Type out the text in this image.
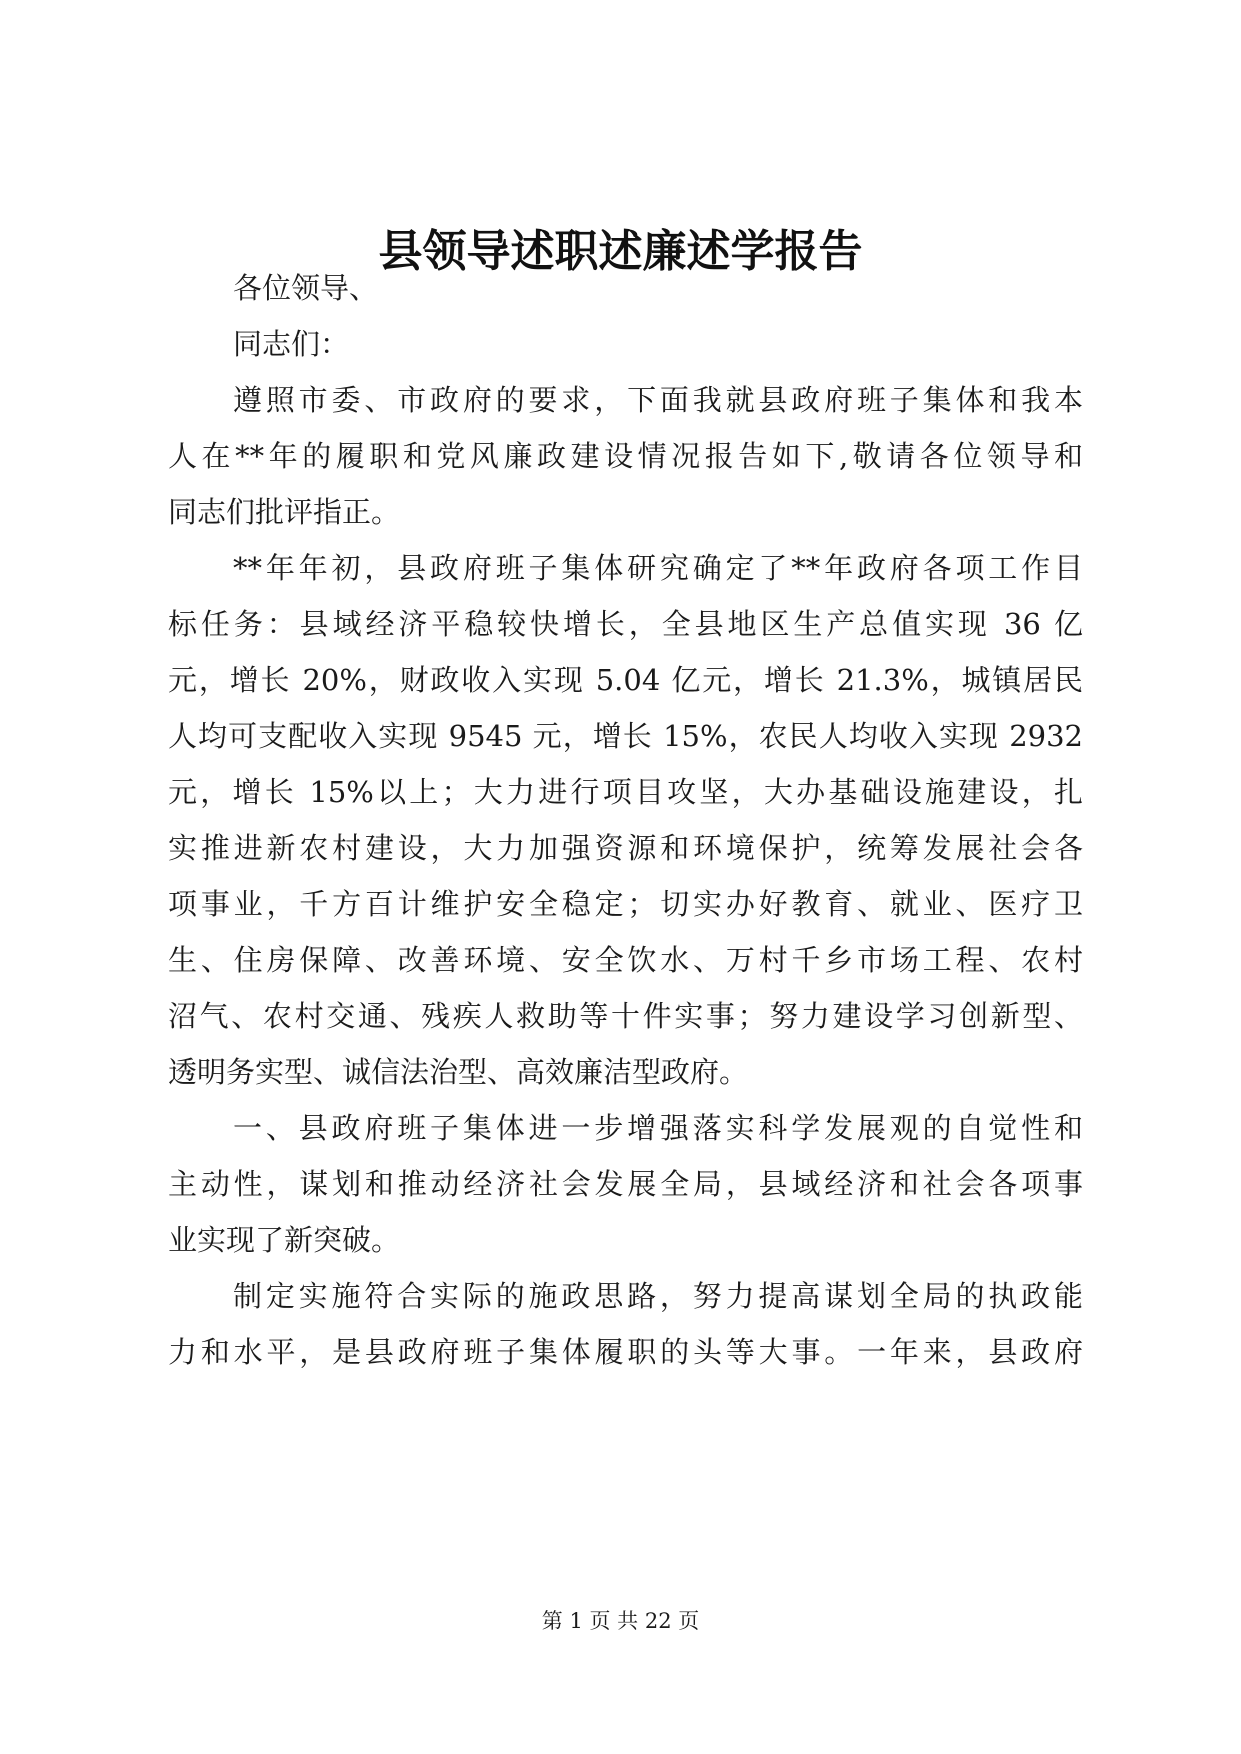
县领导述职述廉述学报告
各位领导、
同志们：
遵照市委、市政府的要求，下面我就县政府班子集体和我本
人在**年的履职和党风廉政建设情况报告如下,敬请各位领导和
同志们批评指正。
**年年初，县政府班子集体研究确定了**年政府各项工作目
标任务：县域经济平稳较快增长，全县地区生产总值实现 36 亿
元，增长 20%，财政收入实现 5.04 亿元，增长 21.3%，城镇居民
人均可支配收入实现 9545 元，增长 15%，农民人均收入实现 2932
元，增长 15%以上；大力进行项目攻坚，大办基础设施建设，扎
实推进新农村建设，大力加强资源和环境保护，统筹发展社会各
项事业，千方百计维护安全稳定；切实办好教育、就业、医疗卫
生、住房保障、改善环境、安全饮水、万村千乡市场工程、农村
沼气、农村交通、残疾人救助等十件实事；努力建设学习创新型、
透明务实型、诚信法治型、高效廉洁型政府。
一、县政府班子集体进一步增强落实科学发展观的自觉性和
主动性，谋划和推动经济社会发展全局，县域经济和社会各项事
业实现了新突破。
制定实施符合实际的施政思路，努力提高谋划全局的执政能
力和水平，是县政府班子集体履职的头等大事。一年来，县政府
第 1 页 共 22 页
